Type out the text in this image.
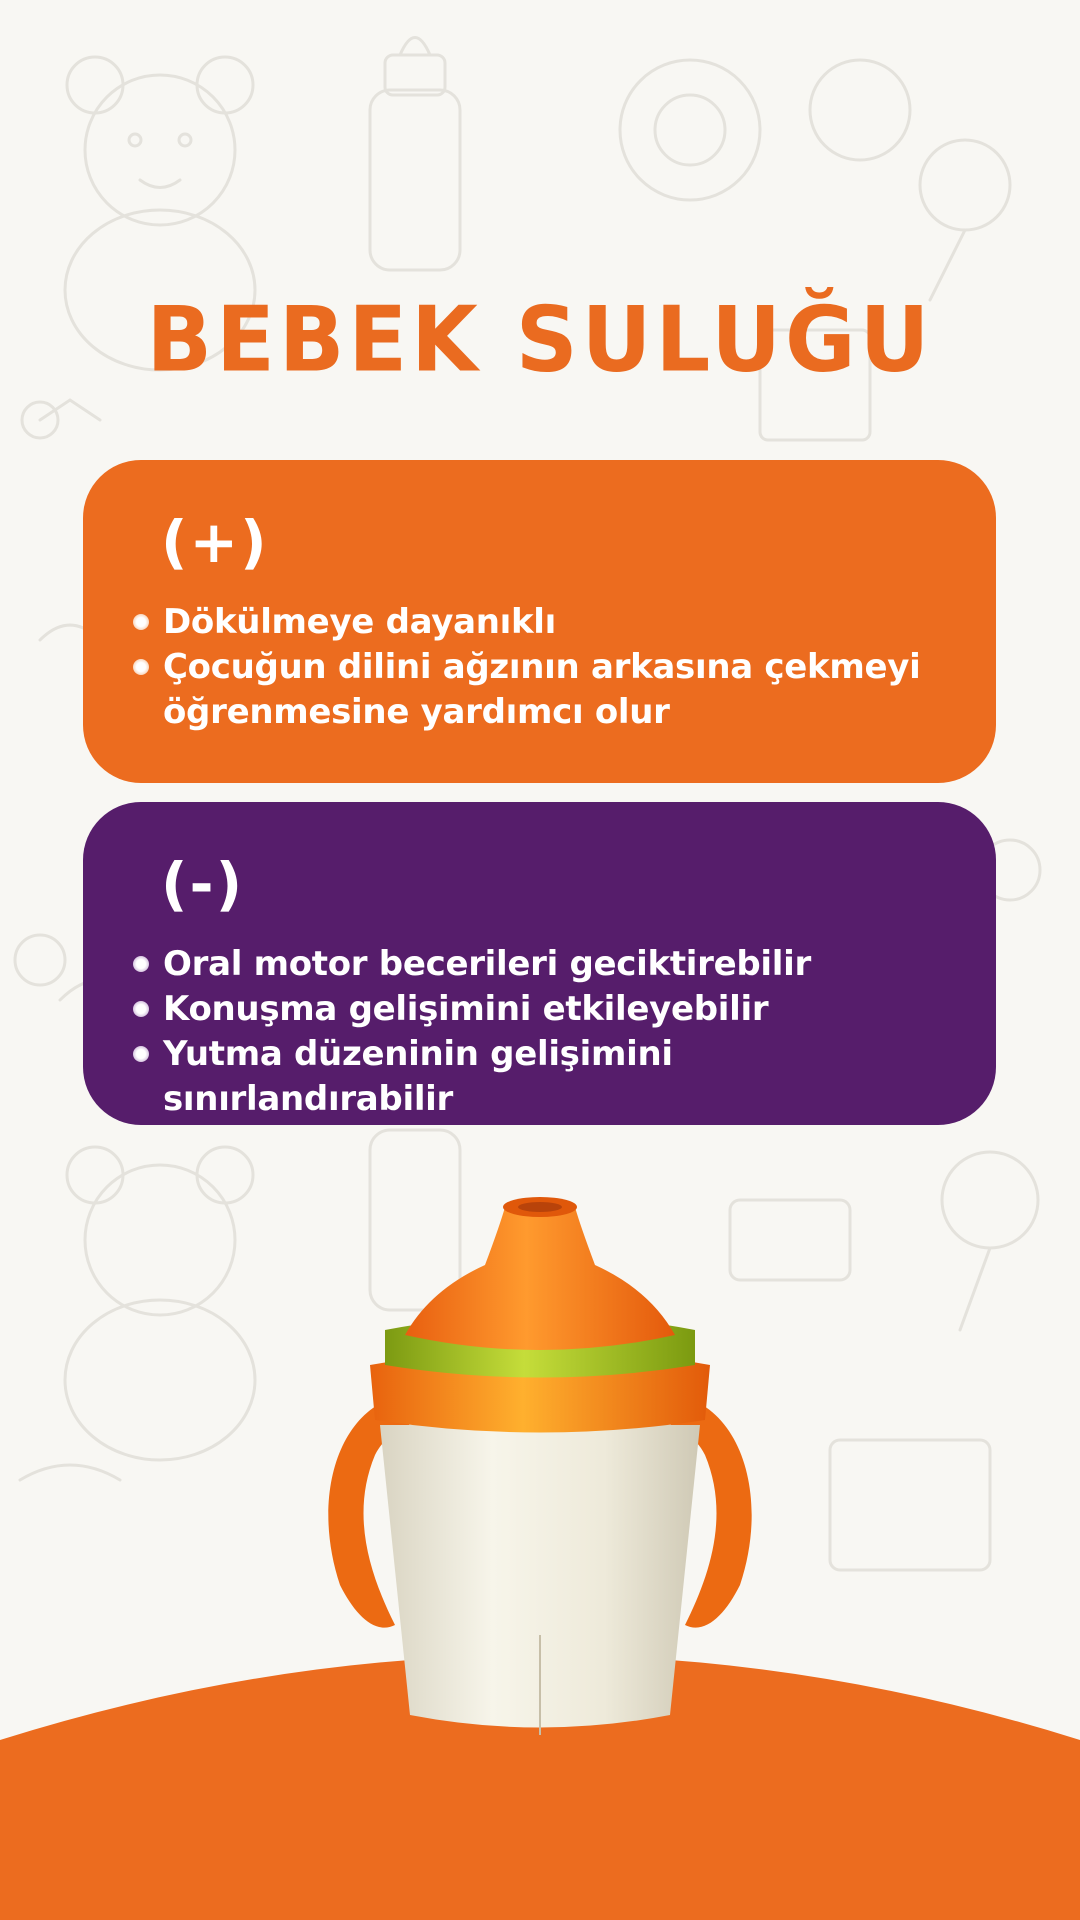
BEBEK SULUĞU
(+)
Dökülmeye dayanıklı
Çocuğun dilini ağzının arkasına çekmeyi öğrenmesine yardımcı olur
(-)
Oral motor becerileri geciktirebilir
Konuşma gelişimini etkileyebilir
Yutma düzeninin gelişimini sınırlandırabilir
